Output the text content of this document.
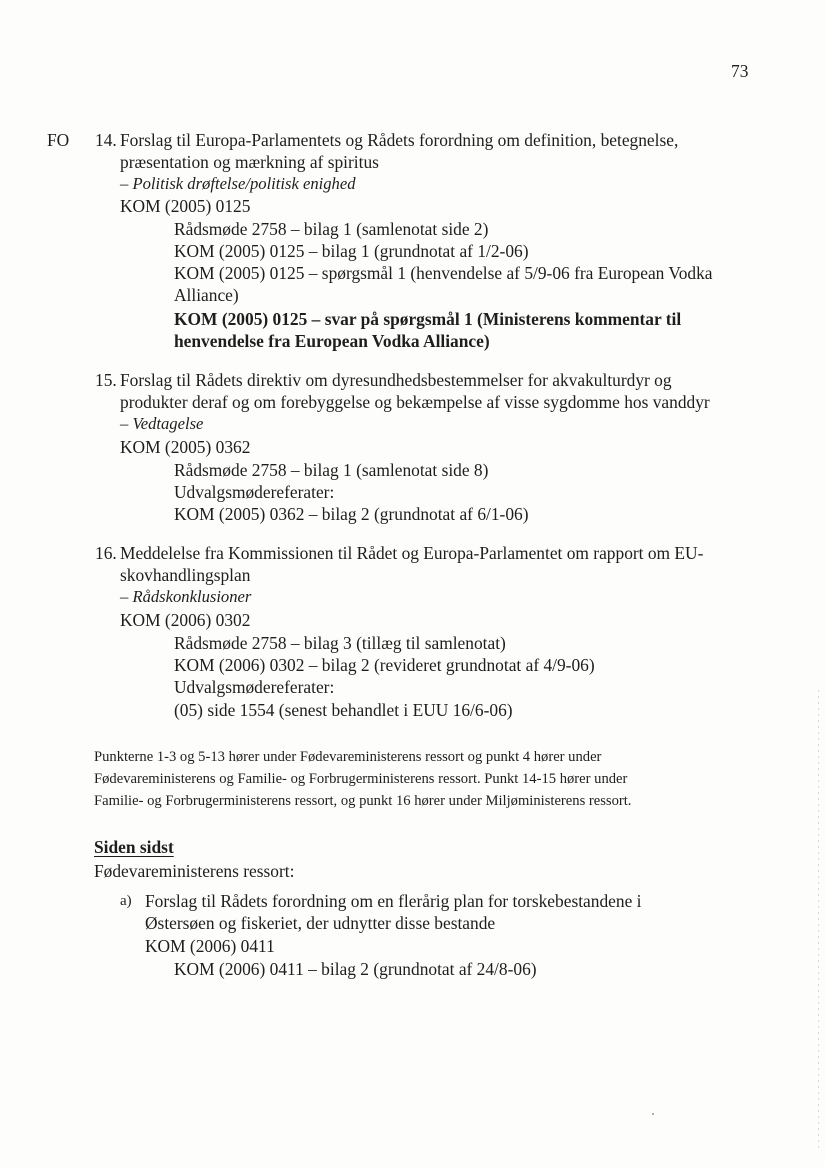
73
FO 14. Forslag til Europa-Parlamentets og Rådets forordning om definition, betegnelse,
præsentation og mærkning af spiritus
– Politisk drøftelse/politisk enighed
KOM (2005) 0125
Rådsmøde 2758 – bilag 1 (samlenotat side 2)
KOM (2005) 0125 – bilag 1 (grundnotat af 1/2-06)
KOM (2005) 0125 – spørgsmål 1 (henvendelse af 5/9-06 fra European Vodka
Alliance)
KOM (2005) 0125 – svar på spørgsmål 1 (Ministerens kommentar til
henvendelse fra European Vodka Alliance)
15. Forslag til Rådets direktiv om dyresundhedsbestemmelser for akvakulturdyr og
produkter deraf og om forebyggelse og bekæmpelse af visse sygdomme hos vanddyr
– Vedtagelse
KOM (2005) 0362
Rådsmøde 2758 – bilag 1 (samlenotat side 8)
Udvalgsmødereferater:
KOM (2005) 0362 – bilag 2 (grundnotat af 6/1-06)
16. Meddelelse fra Kommissionen til Rådet og Europa-Parlamentet om rapport om EU-
skovhandlingsplan
– Rådskonklusioner
KOM (2006) 0302
Rådsmøde 2758 – bilag 3 (tillæg til samlenotat)
KOM (2006) 0302 – bilag 2 (revideret grundnotat af 4/9-06)
Udvalgsmødereferater:
(05) side 1554 (senest behandlet i EUU 16/6-06)
Punkterne 1-3 og 5-13 hører under Fødevareministerens ressort og punkt 4 hører under
Fødevareministerens og Familie- og Forbrugerministerens ressort. Punkt 14-15 hører under
Familie- og Forbrugerministerens ressort, og punkt 16 hører under Miljøministerens ressort.
Siden sidst
Fødevareministerens ressort:
a) Forslag til Rådets forordning om en flerårig plan for torskebestandene i
Østersøen og fiskeriet, der udnytter disse bestande
KOM (2006) 0411
KOM (2006) 0411 – bilag 2 (grundnotat af 24/8-06)
